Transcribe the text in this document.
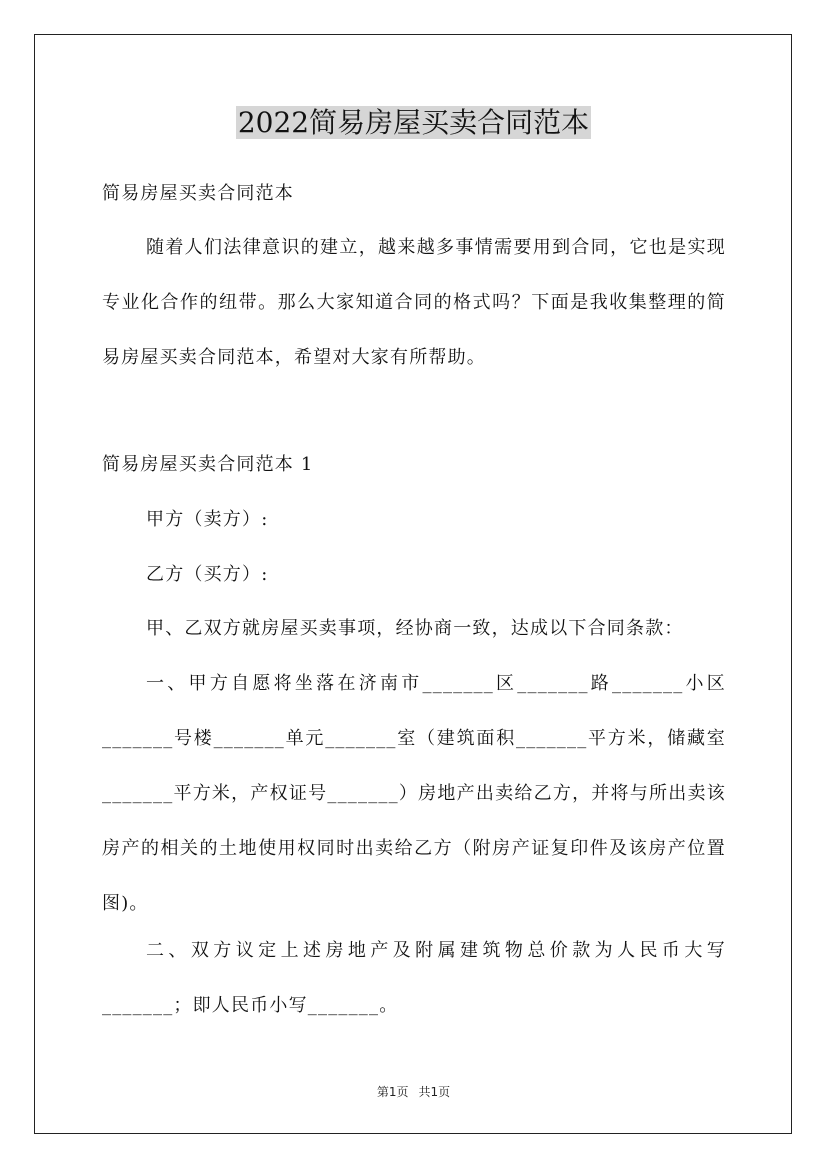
2022简易房屋买卖合同范本

简易房屋买卖合同范本

随着人们法律意识的建立，越来越多事情需要用到合同，它也是实现专业化合作的纽带。那么大家知道合同的格式吗？下面是我收集整理的简易房屋买卖合同范本，希望对大家有所帮助。

简易房屋买卖合同范本 1

甲方（卖方）:

乙方（买方）:

甲、乙双方就房屋买卖事项，经协商一致，达成以下合同条款：

一、甲方自愿将坐落在济南市_______区_______路_______小区_______号楼_______单元_______室（建筑面积_______平方米，储藏室_______平方米，产权证号_______）房地产出卖给乙方，并将与所出卖该房产的相关的土地使用权同时出卖给乙方（附房产证复印件及该房产位置图)。

二、双方议定上述房地产及附属建筑物总价款为人民币大写_______；即人民币小写_______。

第1页 共1页
